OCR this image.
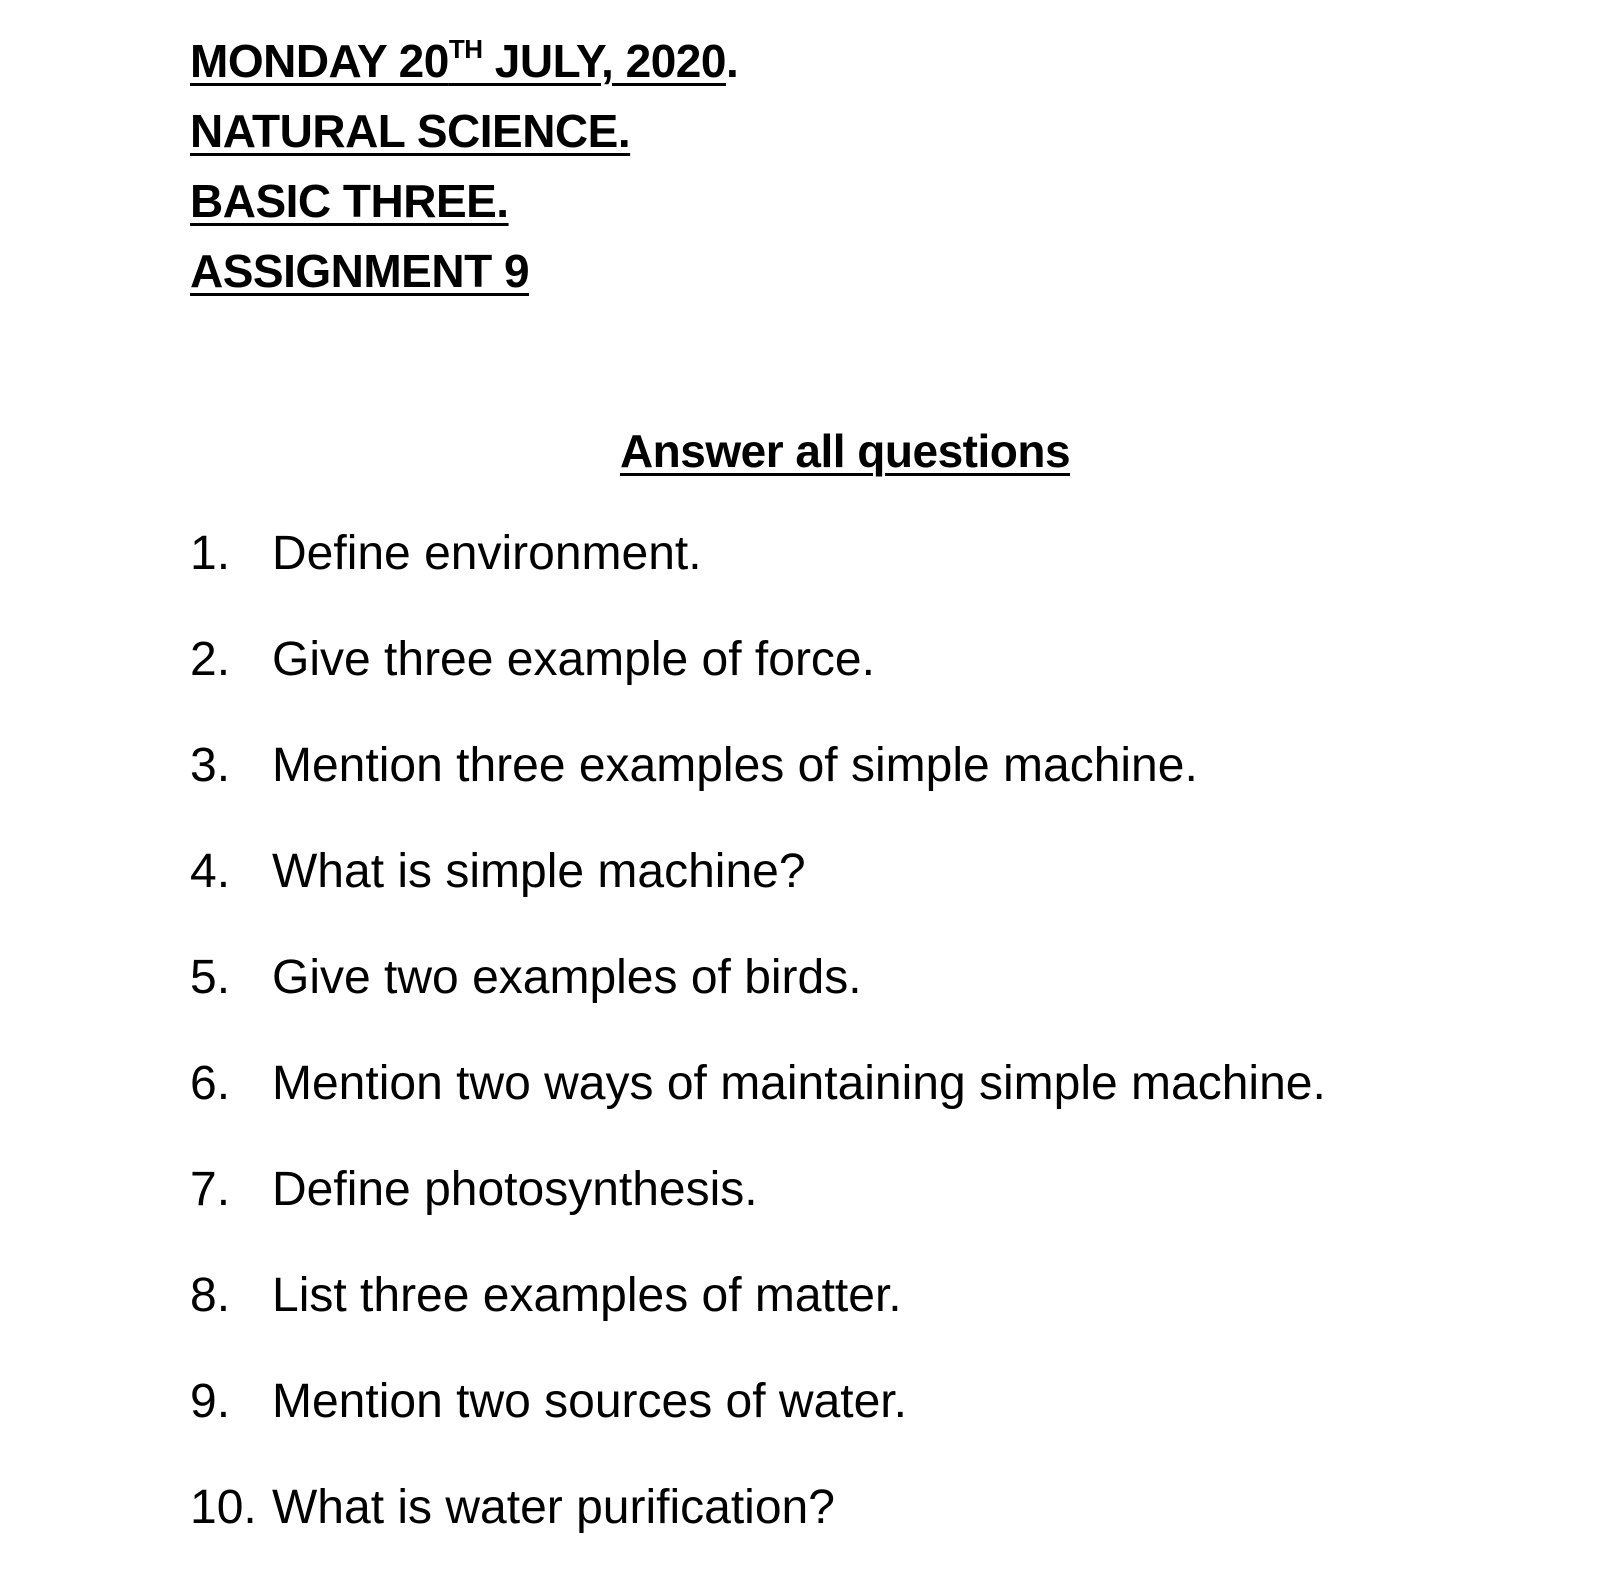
MONDAY 20TH JULY, 2020.
NATURAL SCIENCE.
BASIC THREE.
ASSIGNMENT 9
Answer all questions
1. Define environment.
2. Give three example of force.
3. Mention three examples of simple machine.
4. What is simple machine?
5. Give two examples of birds.
6. Mention two ways of maintaining simple machine.
7. Define photosynthesis.
8. List three examples of matter.
9. Mention two sources of water.
10. What is water purification?
